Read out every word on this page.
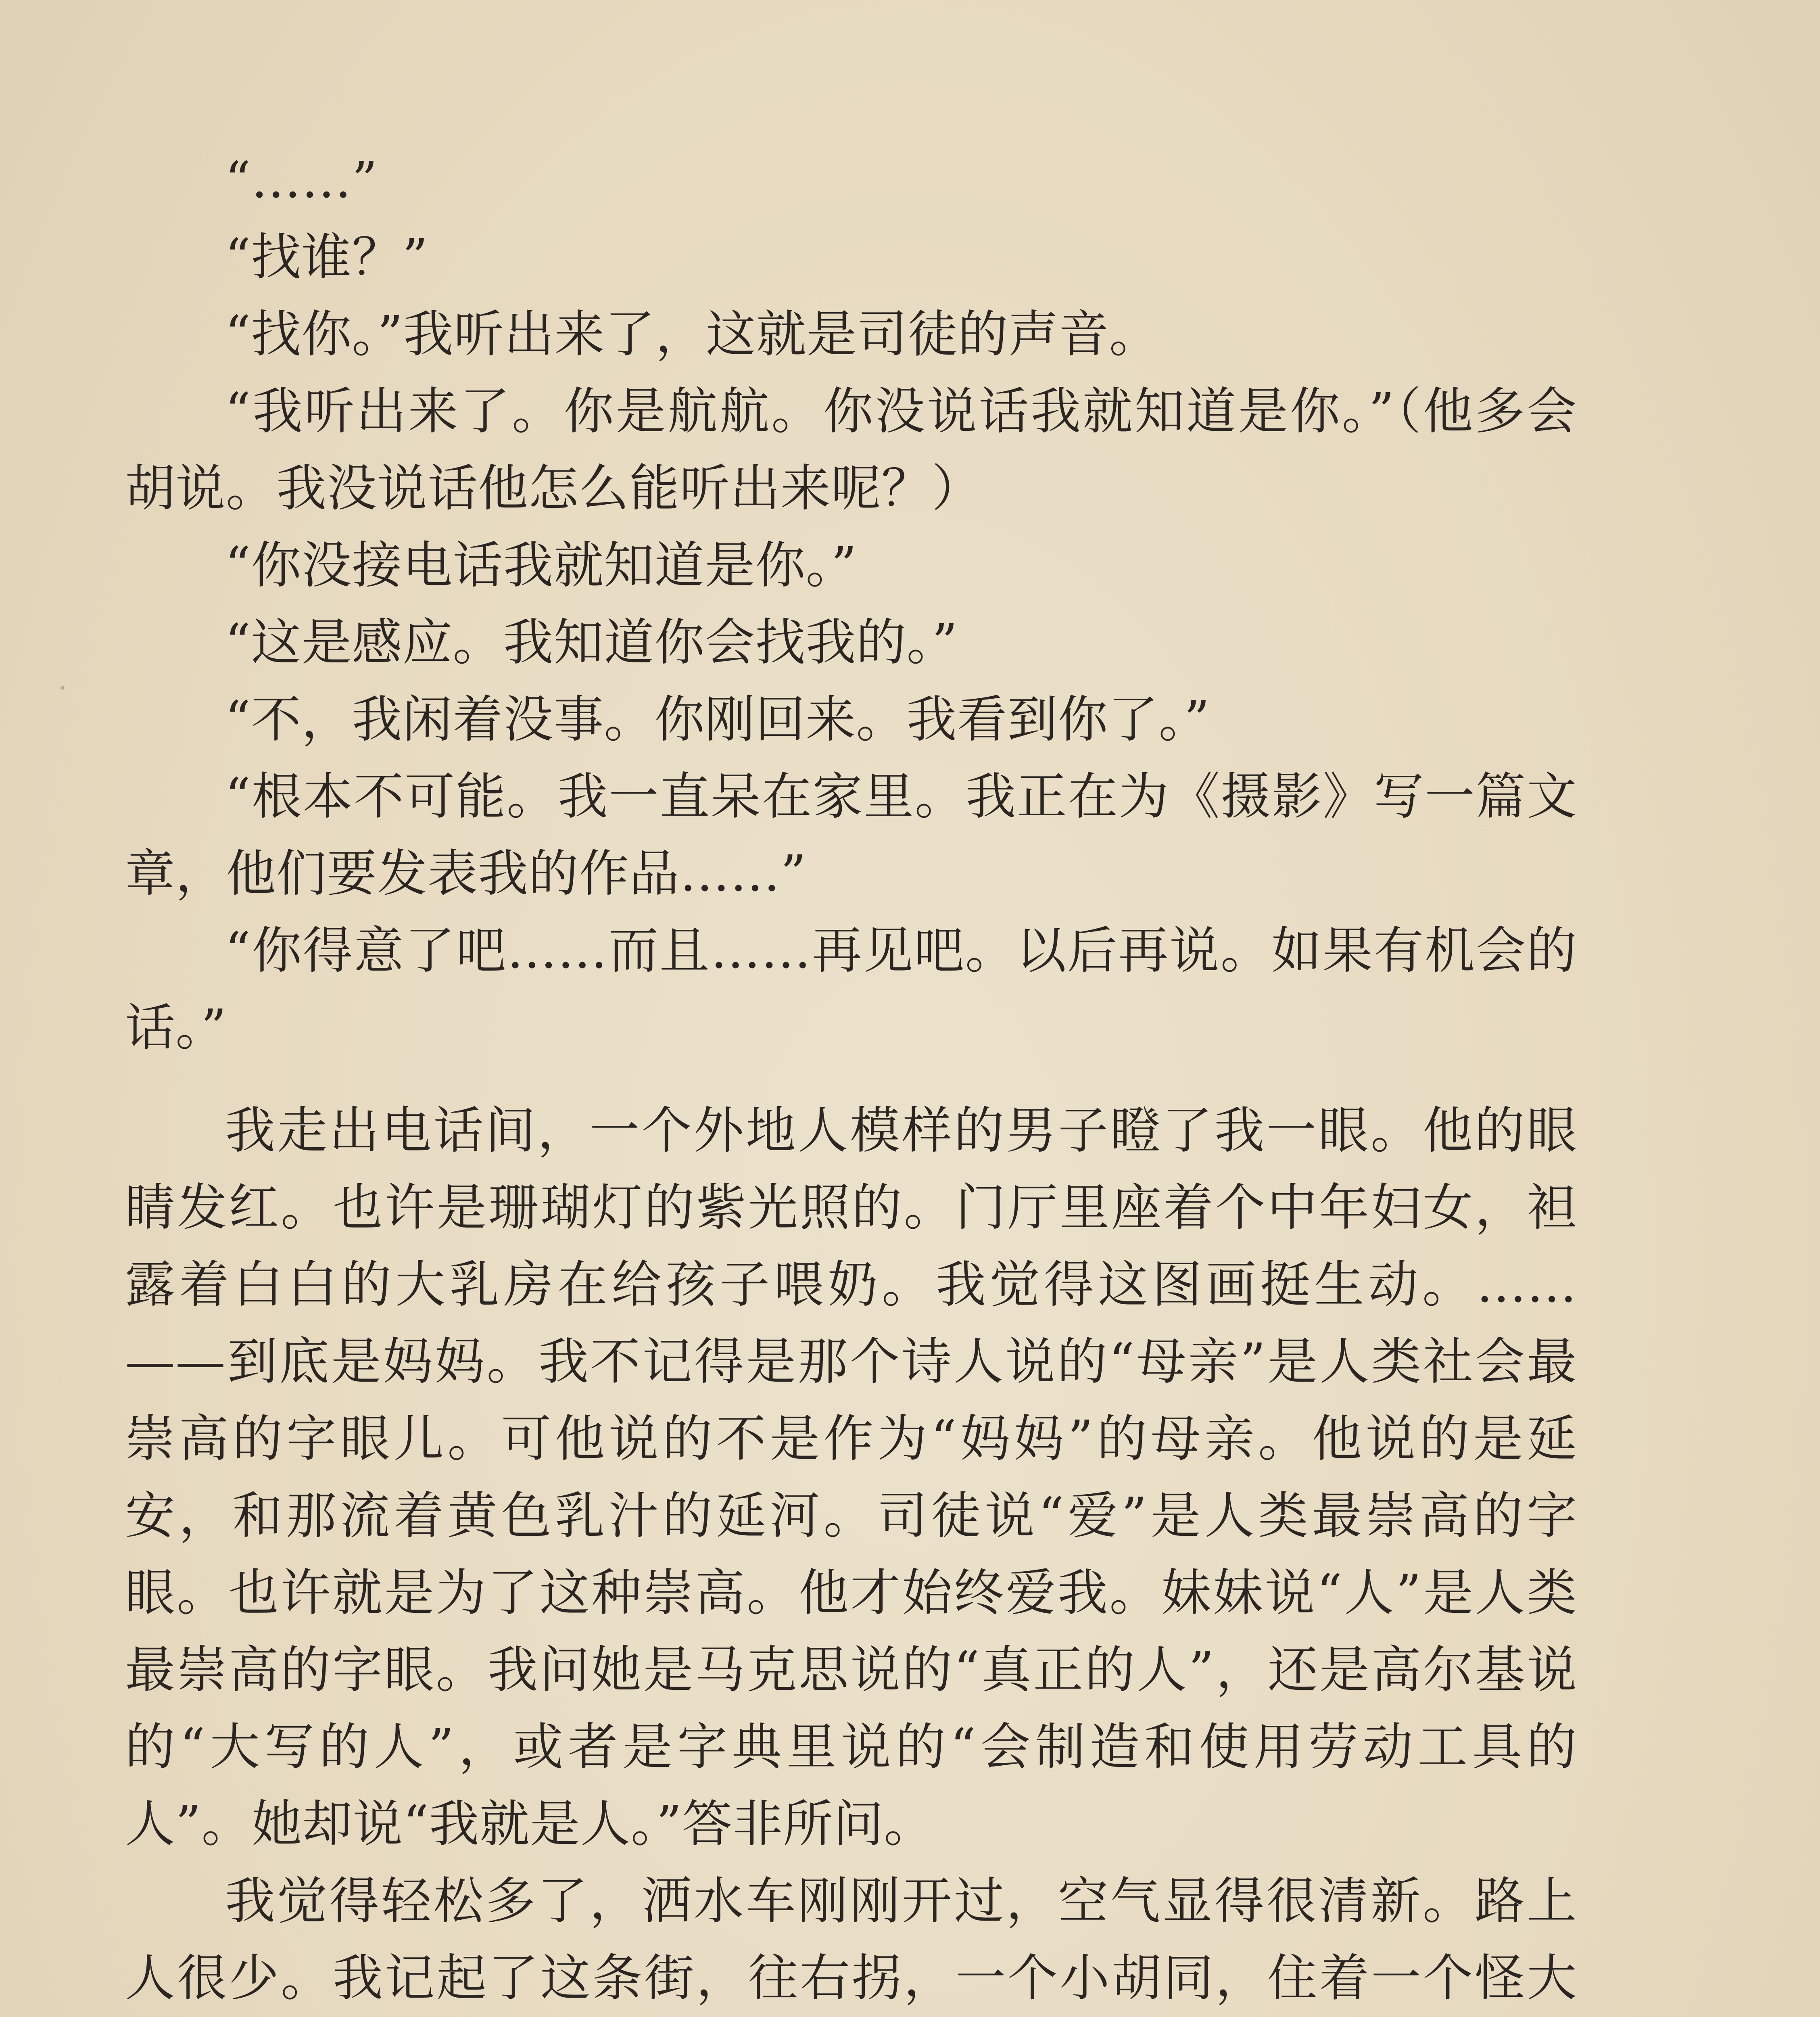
“……”

“找谁？”

“找你。”我听出来了，这就是司徒的声音。

“我听出来了。你是航航。你没说话我就知道是你。”（他多会胡说。我没说话他怎么能听出来呢？）

“你没接电话我就知道是你。”

“这是感应。我知道你会找我的。”

“不，我闲着没事。你刚回来。我看到你了。”

“根本不可能。我一直呆在家里。我正在为《摄影》写一篇文章，他们要发表我的作品……”

“你得意了吧……而且……再见吧。以后再说。如果有机会的话。”

我走出电话间，一个外地人模样的男子瞪了我一眼。他的眼睛发红。也许是珊瑚灯的紫光照的。门厅里座着个中年妇女，袒露着白白的大乳房在给孩子喂奶。我觉得这图画挺生动。……——到底是妈妈。我不记得是那个诗人说的“母亲”是人类社会最崇高的字眼儿。可他说的不是作为“妈妈”的母亲。他说的是延安，和那流着黄色乳汁的延河。司徒说“爱”是人类最崇高的字眼。也许就是为了这种崇高。他才始终爱我。妹妹说“人”是人类最崇高的字眼。我问她是马克思说的“真正的人”，还是高尔基说的“大写的人”，或者是字典里说的“会制造和使用劳动工具的人”。她却说“我就是人。”答非所问。

我觉得轻松多了，洒水车刚刚开过，空气显得很清新。路上人很少。我记起了这条街，往右拐，一个小胡同，住着一个怪大
